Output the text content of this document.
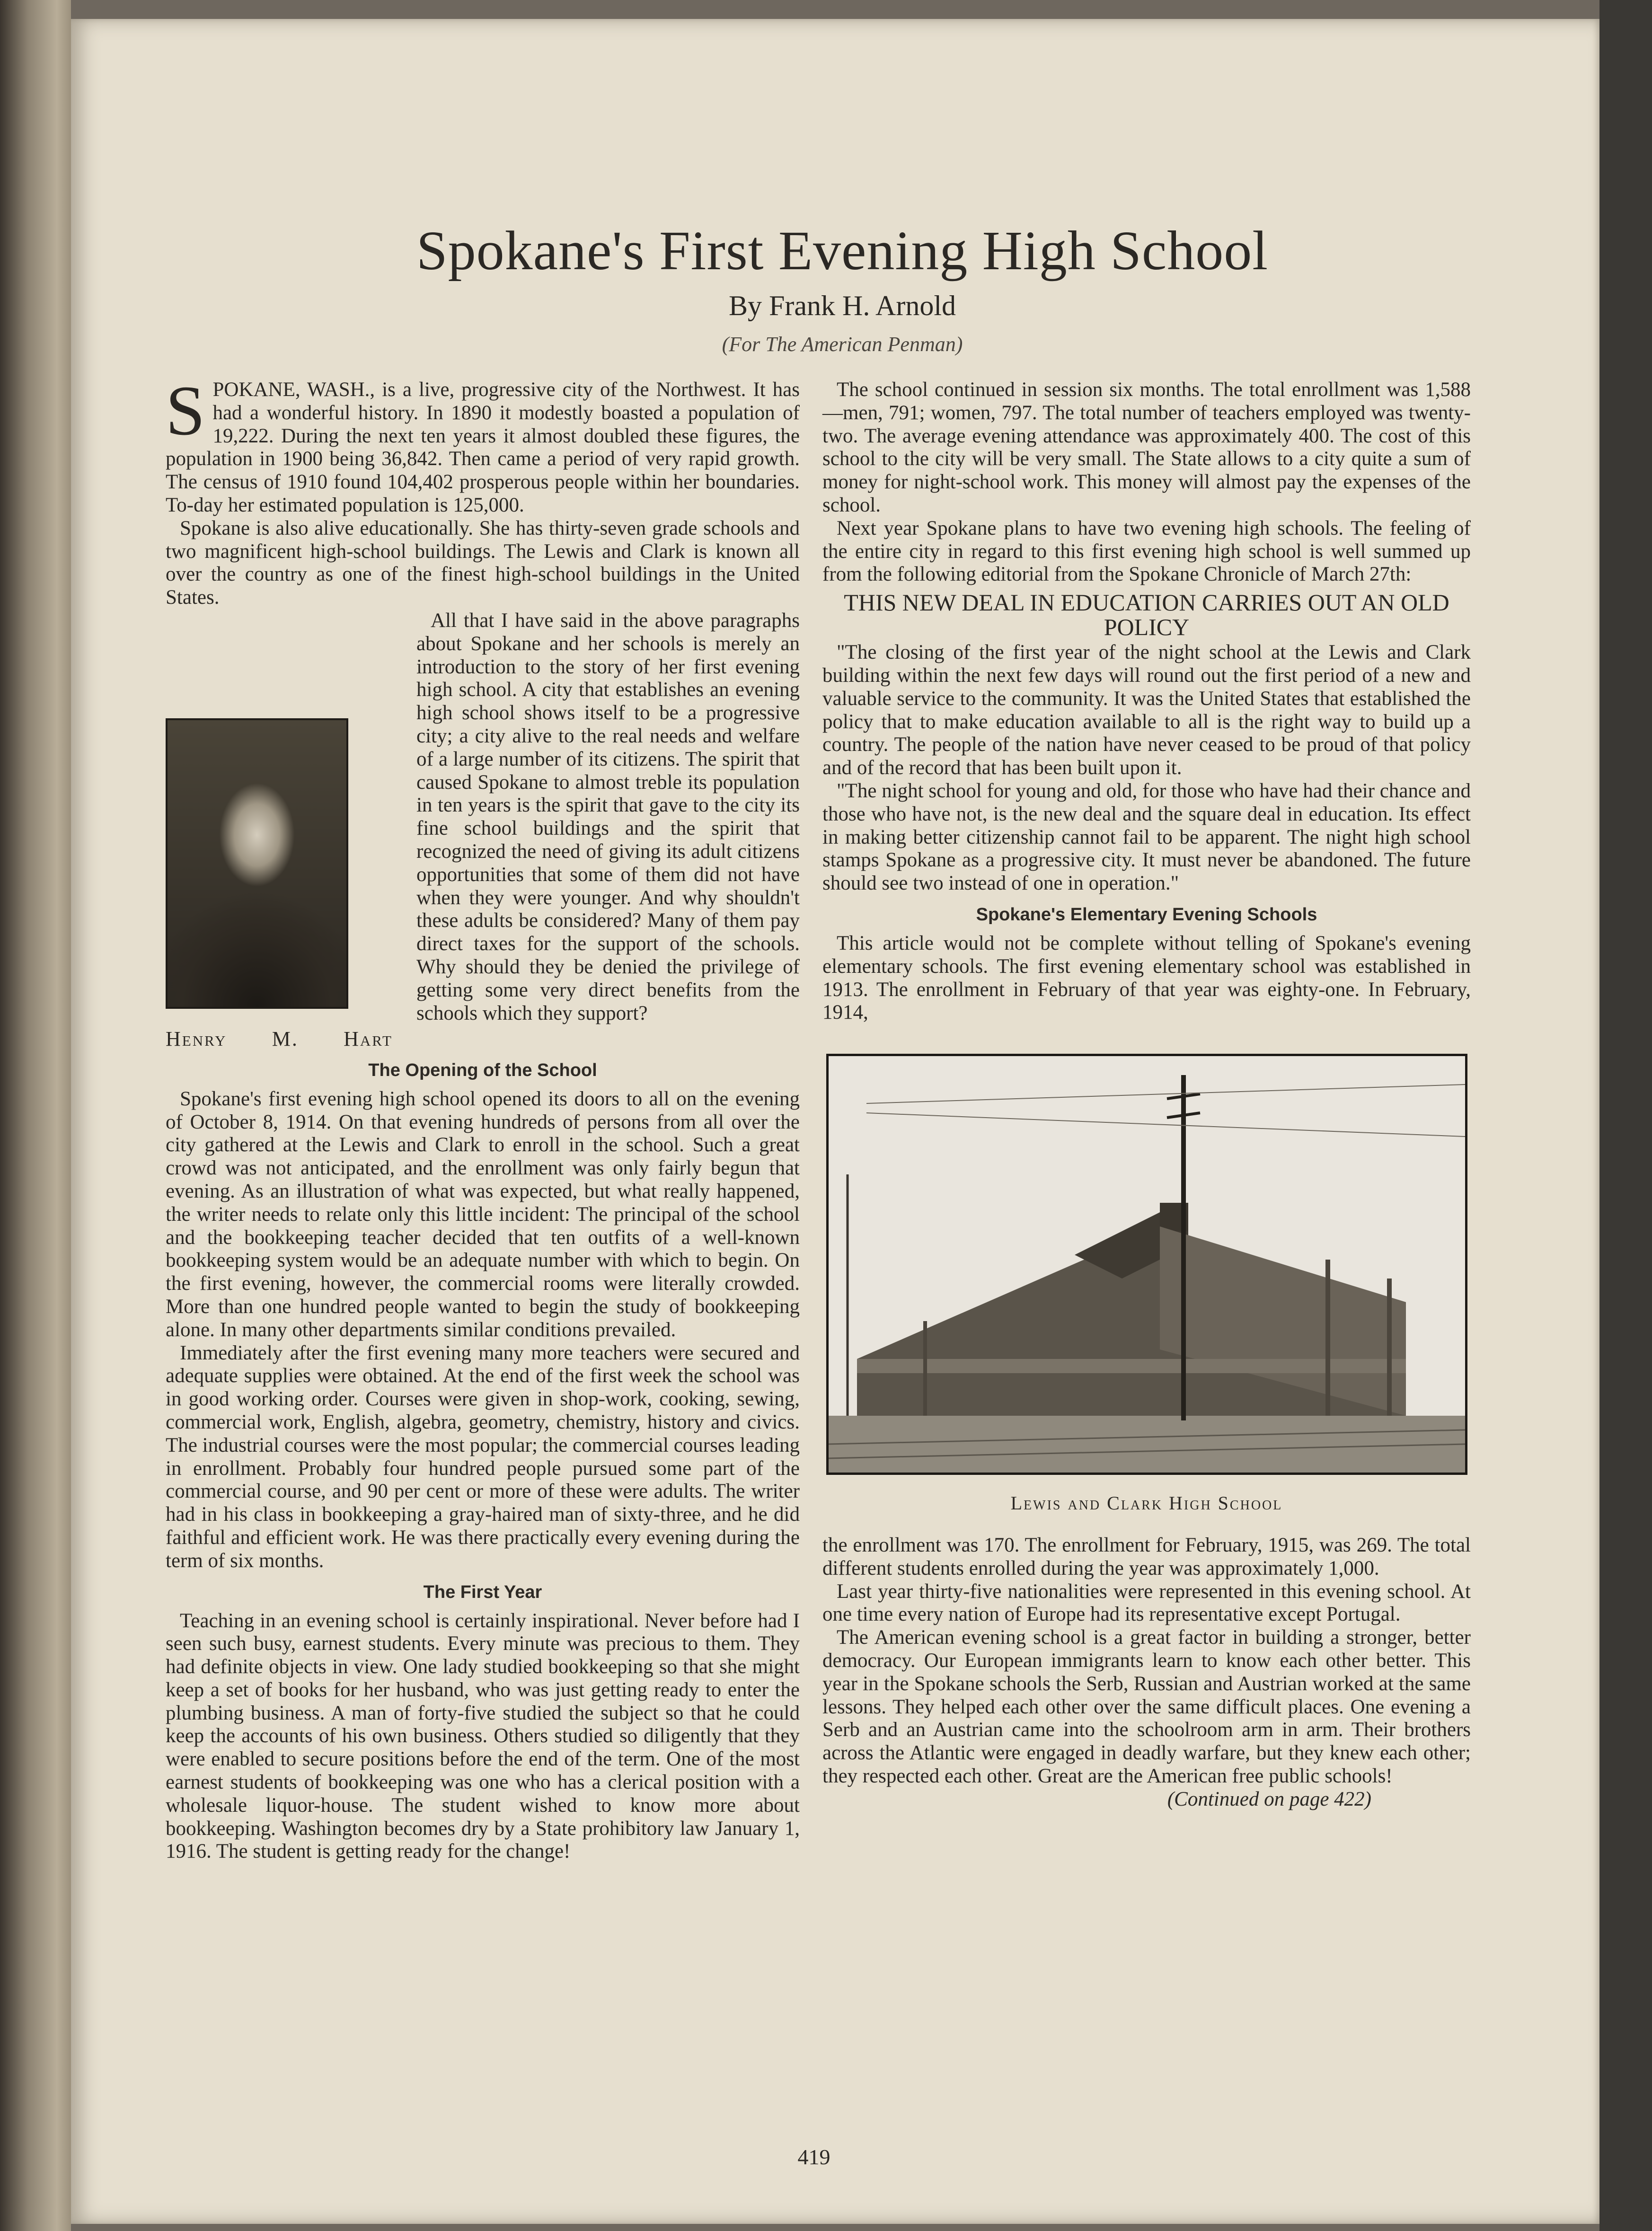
Spokane's First Evening High School
By Frank H. Arnold
(For The American Penman)

SPOKANE, WASH., is a live, progressive city of the Northwest. It has had a wonderful history. In 1890 it modestly boasted a population of 19,222. During the next ten years it almost doubled these figures, the population in 1900 being 36,842. Then came a period of very rapid growth. The census of 1910 found 104,402 prosperous people within her boundaries. To-day her estimated population is 125,000.

Spokane is also alive educationally. She has thirty-seven grade schools and two magnificent high-school buildings. The Lewis and Clark is known all over the country as one of the finest high-school buildings in the United States.

Henry M. Hart

All that I have said in the above paragraphs about Spokane and her schools is merely an introduction to the story of her first evening high school. A city that establishes an evening high school shows itself to be a progressive city; a city alive to the real needs and welfare of a large number of its citizens. The spirit that caused Spokane to almost treble its population in ten years is the spirit that gave to the city its fine school buildings and the spirit that recognized the need of giving its adult citizens opportunities that some of them did not have when they were younger. And why shouldn't these adults be considered? Many of them pay direct taxes for the support of the schools. Why should they be denied the privilege of getting some very direct benefits from the schools which they support?

The Opening of the School

Spokane's first evening high school opened its doors to all on the evening of October 8, 1914. On that evening hundreds of persons from all over the city gathered at the Lewis and Clark to enroll in the school. Such a great crowd was not anticipated, and the enrollment was only fairly begun that evening. As an illustration of what was expected, but what really happened, the writer needs to relate only this little incident: The principal of the school and the bookkeeping teacher decided that ten outfits of a well-known bookkeeping system would be an adequate number with which to begin. On the first evening, however, the commercial rooms were literally crowded. More than one hundred people wanted to begin the study of bookkeeping alone. In many other departments similar conditions prevailed.

Immediately after the first evening many more teachers were secured and adequate supplies were obtained. At the end of the first week the school was in good working order. Courses were given in shop-work, cooking, sewing, commercial work, English, algebra, geometry, chemistry, history and civics. The industrial courses were the most popular; the commercial courses leading in enrollment. Probably four hundred people pursued some part of the commercial course, and 90 per cent or more of these were adults. The writer had in his class in bookkeeping a gray-haired man of sixty-three, and he did faithful and efficient work. He was there practically every evening during the term of six months.

The First Year

Teaching in an evening school is certainly inspirational. Never before had I seen such busy, earnest students. Every minute was precious to them. They had definite objects in view. One lady studied bookkeeping so that she might keep a set of books for her husband, who was just getting ready to enter the plumbing business. A man of forty-five studied the subject so that he could keep the accounts of his own business. Others studied so diligently that they were enabled to secure positions before the end of the term. One of the most earnest students of bookkeeping was one who has a clerical position with a wholesale liquor-house. The student wished to know more about bookkeeping. Washington becomes dry by a State prohibitory law January 1, 1916. The student is getting ready for the change!

The school continued in session six months. The total enrollment was 1,588—men, 791; women, 797. The total number of teachers employed was twenty-two. The average evening attendance was approximately 400. The cost of this school to the city will be very small. The State allows to a city quite a sum of money for night-school work. This money will almost pay the expenses of the school.

Next year Spokane plans to have two evening high schools. The feeling of the entire city in regard to this first evening high school is well summed up from the following editorial from the Spokane Chronicle of March 27th:

THIS NEW DEAL IN EDUCATION CARRIES OUT AN OLD POLICY

"The closing of the first year of the night school at the Lewis and Clark building within the next few days will round out the first period of a new and valuable service to the community. It was the United States that established the policy that to make education available to all is the right way to build up a country. The people of the nation have never ceased to be proud of that policy and of the record that has been built upon it.

"The night school for young and old, for those who have had their chance and those who have not, is the new deal and the square deal in education. Its effect in making better citizenship cannot fail to be apparent. The night high school stamps Spokane as a progressive city. It must never be abandoned. The future should see two instead of one in operation."

Spokane's Elementary Evening Schools

This article would not be complete without telling of Spokane's evening elementary schools. The first evening elementary school was established in 1913. The enrollment in February of that year was eighty-one. In February, 1914,

Lewis and Clark High School

the enrollment was 170. The enrollment for February, 1915, was 269. The total different students enrolled during the year was approximately 1,000.

Last year thirty-five nationalities were represented in this evening school. At one time every nation of Europe had its representative except Portugal.

The American evening school is a great factor in building a stronger, better democracy. Our European immigrants learn to know each other better. This year in the Spokane schools the Serb, Russian and Austrian worked at the same lessons. They helped each other over the same difficult places. One evening a Serb and an Austrian came into the schoolroom arm in arm. Their brothers across the Atlantic were engaged in deadly warfare, but they knew each other; they respected each other. Great are the American free public schools!

(Continued on page 422)
419
